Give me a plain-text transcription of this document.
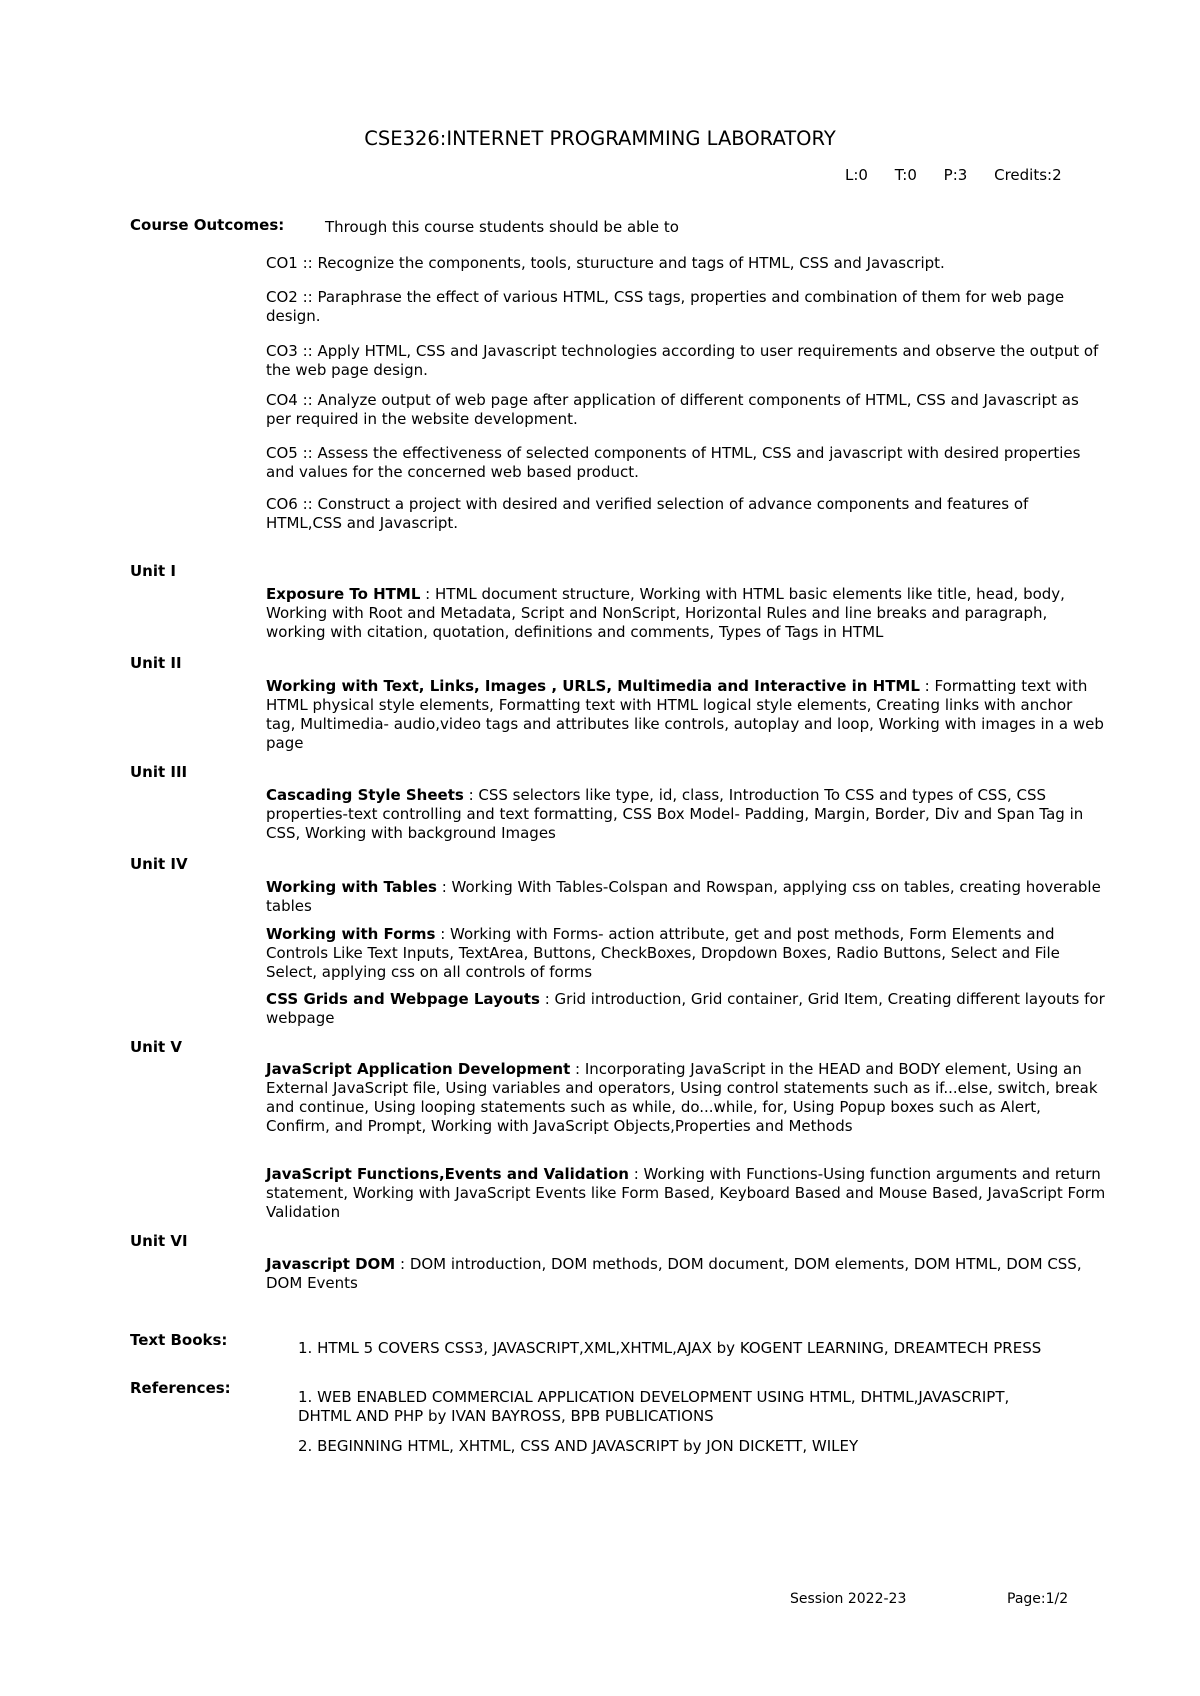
CSE326:INTERNET PROGRAMMING LABORATORY
L:0 T:0 P:3 Credits:2
Course Outcomes:	Through this course students should be able to
CO1 :: Recognize the components, tools, sturucture and tags of HTML, CSS and Javascript.
CO2 :: Paraphrase the effect of various HTML, CSS tags, properties and combination of them for web page design.
CO3 :: Apply HTML, CSS and Javascript technologies according to user requirements and observe the output of the web page design.
CO4 :: Analyze output of web page after application of different components of HTML, CSS and Javascript as per required in the website development.
CO5 :: Assess the effectiveness of selected components of HTML, CSS and javascript with desired properties and values for the concerned web based product.
CO6 :: Construct a project with desired and verified selection of advance components and features of HTML,CSS and Javascript.
Unit I
Exposure To HTML : HTML document structure, Working with HTML basic elements like title, head, body, Working with Root and Metadata, Script and NonScript, Horizontal Rules and line breaks and paragraph, working with citation, quotation, definitions and comments, Types of Tags in HTML
Unit II
Working with Text, Links, Images , URLS, Multimedia and Interactive in HTML : Formatting text with HTML physical style elements, Formatting text with HTML logical style elements, Creating links with anchor tag, Multimedia- audio,video tags and attributes like controls, autoplay and loop, Working with images in a web page
Unit III
Cascading Style Sheets : CSS selectors like type, id, class, Introduction To CSS and types of CSS, CSS properties-text controlling and text formatting, CSS Box Model- Padding, Margin, Border, Div and Span Tag in CSS, Working with background Images
Unit IV
Working with Tables : Working With Tables-Colspan and Rowspan, applying css on tables, creating hoverable tables
Working with Forms : Working with Forms- action attribute, get and post methods, Form Elements and Controls Like Text Inputs, TextArea, Buttons, CheckBoxes, Dropdown Boxes, Radio Buttons, Select and File Select, applying css on all controls of forms
CSS Grids and Webpage Layouts : Grid introduction, Grid container, Grid Item, Creating different layouts for webpage
Unit V
JavaScript Application Development : Incorporating JavaScript in the HEAD and BODY element, Using an External JavaScript file, Using variables and operators, Using control statements such as if...else, switch, break and continue, Using looping statements such as while, do...while, for, Using Popup boxes such as Alert, Confirm, and Prompt, Working with JavaScript Objects,Properties and Methods
JavaScript Functions,Events and Validation : Working with Functions-Using function arguments and return statement, Working with JavaScript Events like Form Based, Keyboard Based and Mouse Based, JavaScript Form Validation
Unit VI
Javascript DOM : DOM introduction, DOM methods, DOM document, DOM elements, DOM HTML, DOM CSS, DOM Events
Text Books:	1. HTML 5 COVERS CSS3, JAVASCRIPT,XML,XHTML,AJAX by KOGENT LEARNING, DREAMTECH PRESS
References:	1. WEB ENABLED COMMERCIAL APPLICATION DEVELOPMENT USING HTML, DHTML,JAVASCRIPT, DHTML AND PHP by IVAN BAYROSS, BPB PUBLICATIONS
2. BEGINNING HTML, XHTML, CSS AND JAVASCRIPT by JON DICKETT, WILEY
Session 2022-23	Page:1/2
